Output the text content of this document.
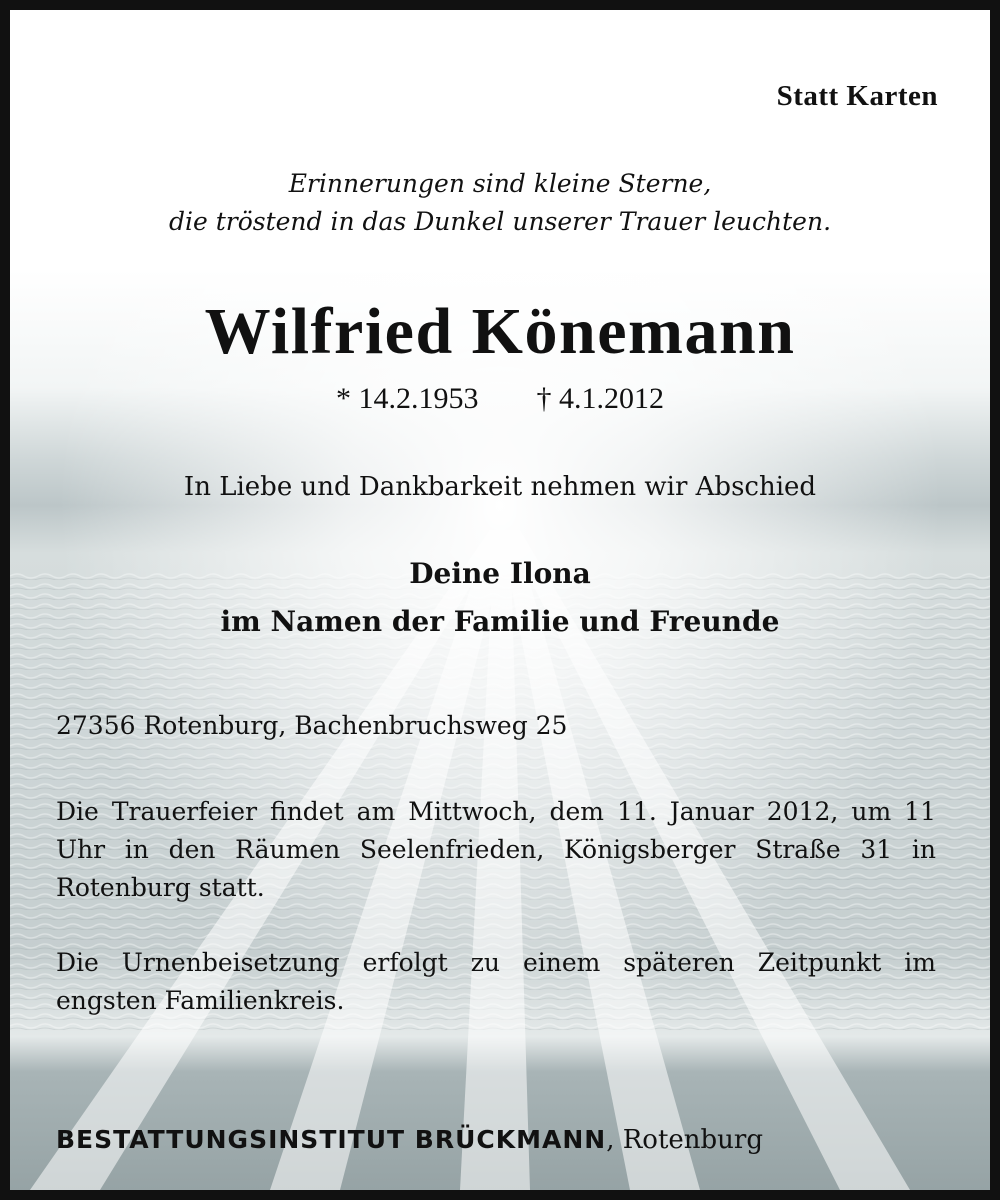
Statt Karten

Erinnerungen sind kleine Sterne,
die tröstend in das Dunkel unserer Trauer leuchten.

Wilfried Könemann

* 14.2.1953 † 4.1.2012

In Liebe und Dankbarkeit nehmen wir Abschied

Deine Ilona
im Namen der Familie und Freunde

27356 Rotenburg, Bachenbruchsweg 25

Die Trauerfeier findet am Mittwoch, dem 11. Januar 2012, um 11 Uhr in den Räumen Seelenfrieden, Königsberger Straße 31 in Rotenburg statt.

Die Urnenbeisetzung erfolgt zu einem späteren Zeitpunkt im engsten Familienkreis.

BESTATTUNGSINSTITUT BRÜCKMANN, Rotenburg
